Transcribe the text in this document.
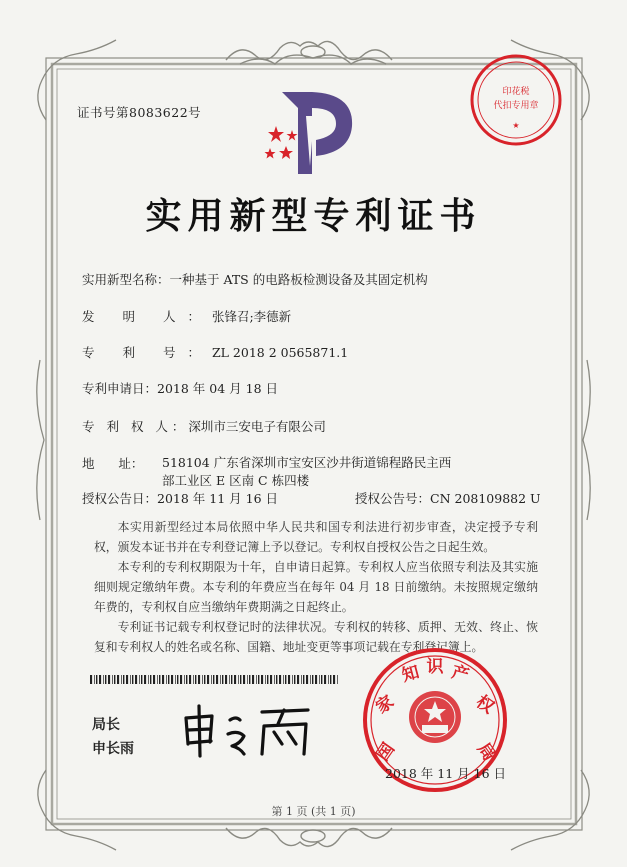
证书号第8083622号
印花税
代扣专用章
★
实用新型专利证书
实用新型名称：一种基于 ATS 的电路板检测设备及其固定机构
发 明 人：张锋召;李德新
专 利 号：ZL 2018 2 0565871.1
专利申请日：2018 年 04 月 18 日
专 利 权 人：深圳市三安电子有限公司
地      址： 518104 广东省深圳市宝安区沙井街道锦程路民主西部工业区 E 区南 C 栋四楼
授权公告日：2018 年 11 月 16 日	授权公告号：CN 208109882 U

本实用新型经过本局依照中华人民共和国专利法进行初步审查，决定授予专利权，颁发本证书并在专利登记簿上予以登记。专利权自授权公告之日起生效。

本专利的专利权期限为十年，自申请日起算。专利权人应当依照专利法及其实施细则规定缴纳年费。本专利的年费应当在每年 04 月 18 日前缴纳。未按照规定缴纳年费的，专利权自应当缴纳年费期满之日起终止。

专利证书记载专利权登记时的法律状况。专利权的转移、质押、无效、终止、恢复和专利权人的姓名或名称、国籍、地址变更等事项记载在专利登记簿上。

局长
申长雨	国
家
知 识 产
权
局
2018 年 11 月 16 日
第 1 页 (共 1 页)
